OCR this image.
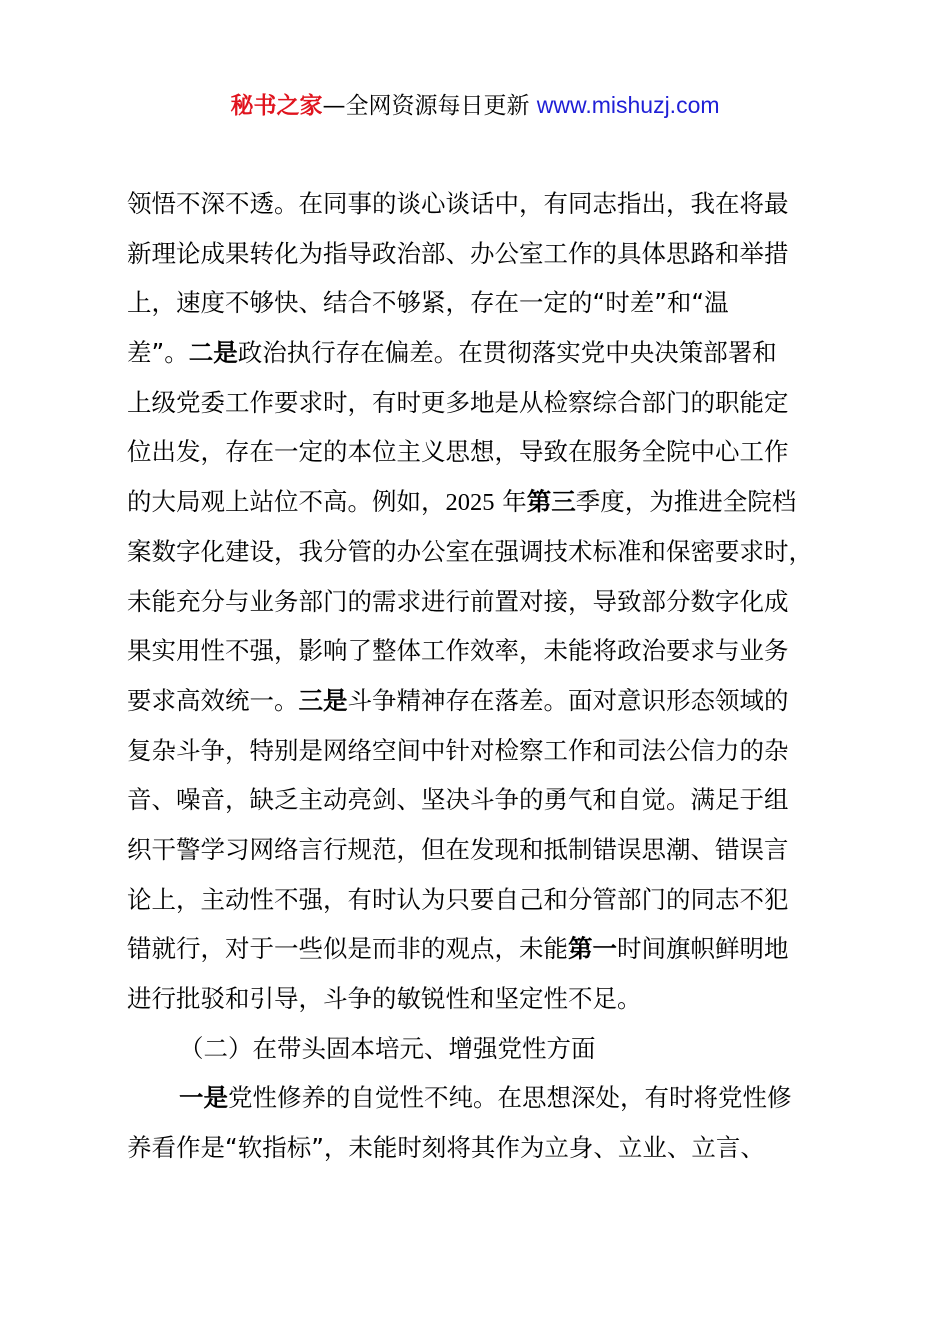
秘书之家—全网资源每日更新 www.mishuzj.com
领悟不深不透。在同事的谈心谈话中，有同志指出，我在将最
新理论成果转化为指导政治部、办公室工作的具体思路和举措
上，速度不够快、结合不够紧，存在一定的“时差”和“温
差”。二是政治执行存在偏差。在贯彻落实党中央决策部署和
上级党委工作要求时，有时更多地是从检察综合部门的职能定
位出发，存在一定的本位主义思想，导致在服务全院中心工作
的大局观上站位不高。例如，2025 年第三季度，为推进全院档
案数字化建设，我分管的办公室在强调技术标准和保密要求时，
未能充分与业务部门的需求进行前置对接，导致部分数字化成
果实用性不强，影响了整体工作效率，未能将政治要求与业务
要求高效统一。三是斗争精神存在落差。面对意识形态领域的
复杂斗争，特别是网络空间中针对检察工作和司法公信力的杂
音、噪音，缺乏主动亮剑、坚决斗争的勇气和自觉。满足于组
织干警学习网络言行规范，但在发现和抵制错误思潮、错误言
论上，主动性不强，有时认为只要自己和分管部门的同志不犯
错就行，对于一些似是而非的观点，未能第一时间旗帜鲜明地
进行批驳和引导，斗争的敏锐性和坚定性不足。
（二）在带头固本培元、增强党性方面
一是党性修养的自觉性不纯。在思想深处，有时将党性修
养看作是“软指标”，未能时刻将其作为立身、立业、立言、
